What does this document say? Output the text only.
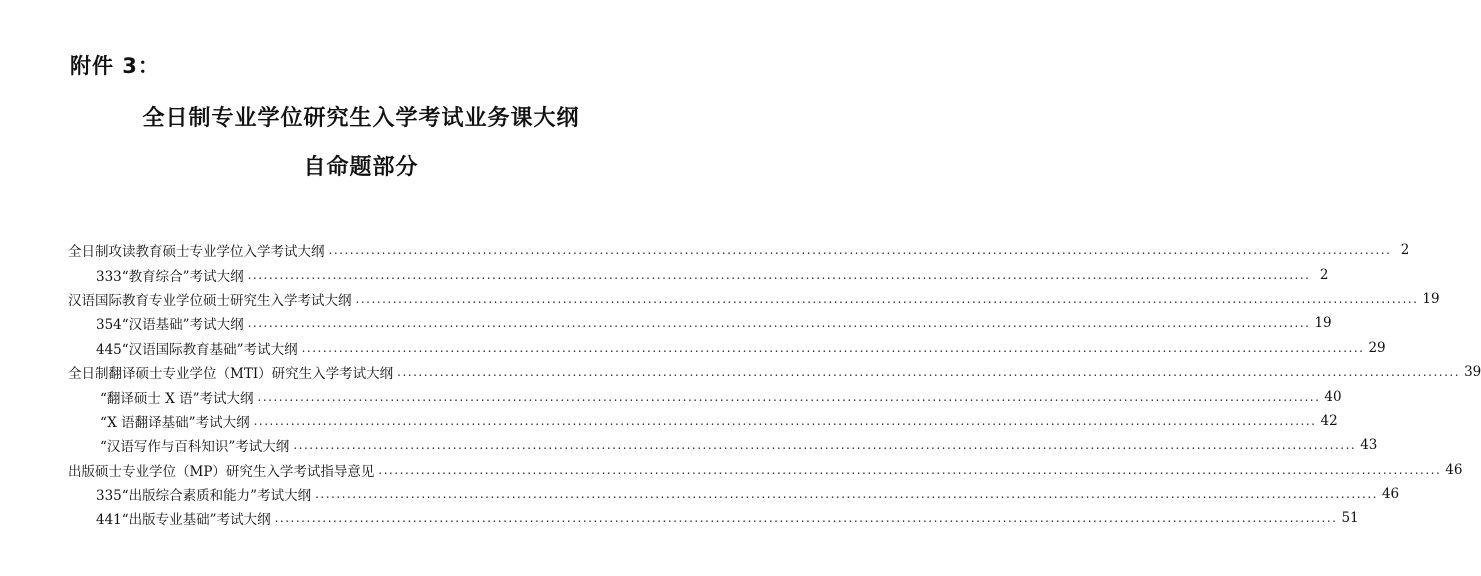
附件 3：
全日制专业学位研究生入学考试业务课大纲
自命题部分
全日制攻读教育硕士专业学位入学考试大纲 ........................................................................................................................................................................................................ 2
333“教育综合”考试大纲 ........................................................................................................................................................................................................ 2
汉语国际教育专业学位硕士研究生入学考试大纲 ........................................................................................................................................................................................................ 19
354“汉语基础”考试大纲 ........................................................................................................................................................................................................ 19
445“汉语国际教育基础”考试大纲 ........................................................................................................................................................................................................ 29
全日制翻译硕士专业学位（MTI）研究生入学考试大纲 ........................................................................................................................................................................................................ 39
“翻译硕士 X 语”考试大纲 ........................................................................................................................................................................................................ 40
“X 语翻译基础”考试大纲 ........................................................................................................................................................................................................ 42
“汉语写作与百科知识”考试大纲 ........................................................................................................................................................................................................ 43
出版硕士专业学位（MP）研究生入学考试指导意见 ........................................................................................................................................................................................................ 46
335“出版综合素质和能力”考试大纲 ........................................................................................................................................................................................................ 46
441“出版专业基础”考试大纲 ........................................................................................................................................................................................................ 51
